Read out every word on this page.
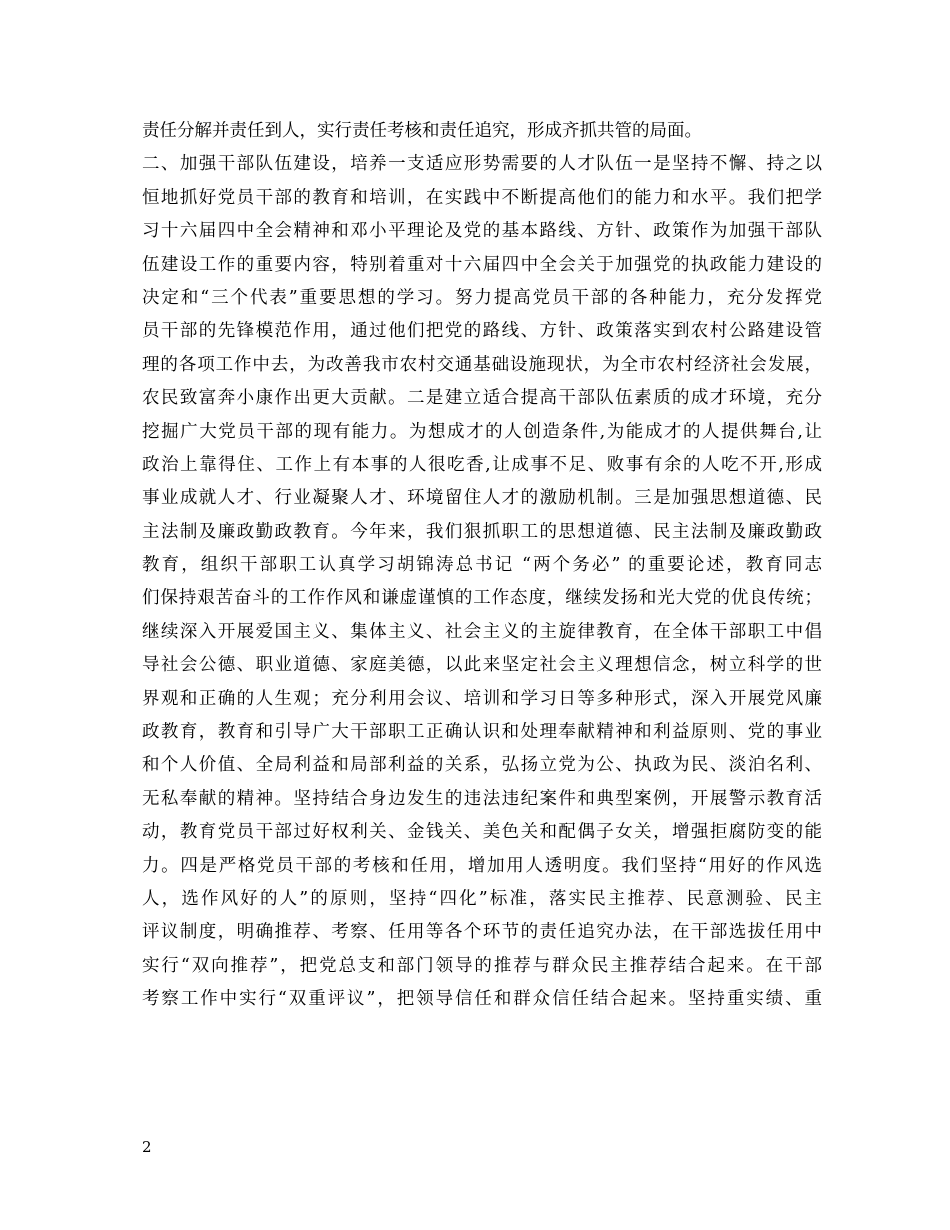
责任分解并责任到人，实行责任考核和责任追究，形成齐抓共管的局面。
二、加强干部队伍建设，培养一支适应形势需要的人才队伍一是坚持不懈、持之以
恒地抓好党员干部的教育和培训，在实践中不断提高他们的能力和水平。我们把学
习十六届四中全会精神和邓小平理论及党的基本路线、方针、政策作为加强干部队
伍建设工作的重要内容，特别着重对十六届四中全会关于加强党的执政能力建设的
决定和“三个代表”重要思想的学习。努力提高党员干部的各种能力，充分发挥党
员干部的先锋模范作用，通过他们把党的路线、方针、政策落实到农村公路建设管
理的各项工作中去，为改善我市农村交通基础设施现状，为全市农村经济社会发展，
农民致富奔小康作出更大贡献。二是建立适合提高干部队伍素质的成才环境，充分
挖掘广大党员干部的现有能力。为想成才的人创造条件,为能成才的人提供舞台,让
政治上靠得住、工作上有本事的人很吃香,让成事不足、败事有余的人吃不开,形成
事业成就人才、行业凝聚人才、环境留住人才的激励机制。三是加强思想道德、民
主法制及廉政勤政教育。今年来，我们狠抓职工的思想道德、民主法制及廉政勤政
教育，组织干部职工认真学习胡锦涛总书记 “两个务必” 的重要论述，教育同志
们保持艰苦奋斗的工作作风和谦虚谨慎的工作态度，继续发扬和光大党的优良传统；
继续深入开展爱国主义、集体主义、社会主义的主旋律教育，在全体干部职工中倡
导社会公德、职业道德、家庭美德，以此来坚定社会主义理想信念，树立科学的世
界观和正确的人生观；充分利用会议、培训和学习日等多种形式，深入开展党风廉
政教育，教育和引导广大干部职工正确认识和处理奉献精神和利益原则、党的事业
和个人价值、全局利益和局部利益的关系，弘扬立党为公、执政为民、淡泊名利、
无私奉献的精神。坚持结合身边发生的违法违纪案件和典型案例，开展警示教育活
动，教育党员干部过好权利关、金钱关、美色关和配偶子女关，增强拒腐防变的能
力。四是严格党员干部的考核和任用，增加用人透明度。我们坚持“用好的作风选
人，选作风好的人”的原则，坚持“四化”标准，落实民主推荐、民意测验、民主
评议制度，明确推荐、考察、任用等各个环节的责任追究办法，在干部选拔任用中
实行“双向推荐”，把党总支和部门领导的推荐与群众民主推荐结合起来。在干部
考察工作中实行“双重评议”，把领导信任和群众信任结合起来。坚持重实绩、重
2
